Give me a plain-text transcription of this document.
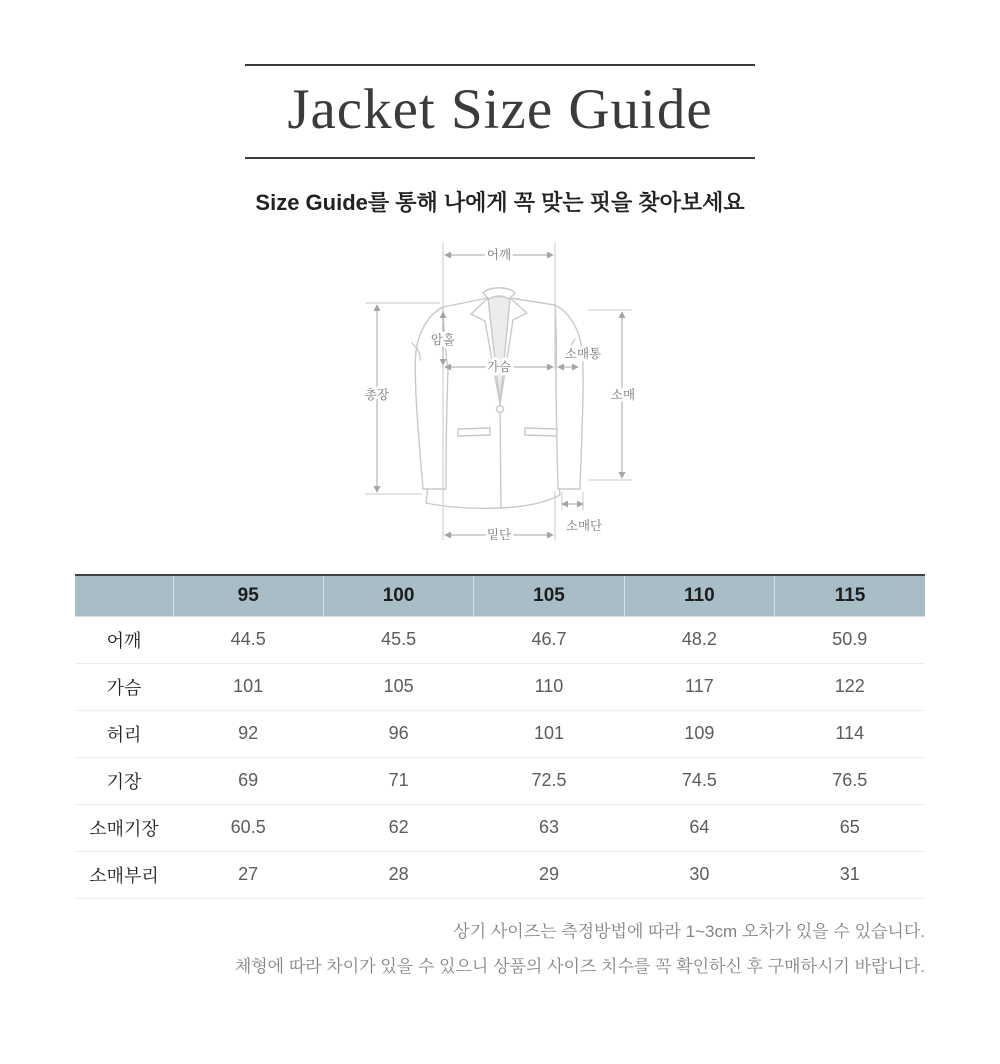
Jacket Size Guide

Size Guide를 통해 나에게 꼭 맞는 핏을 찾아보세요

어깨
암홀
가슴
소매통
소매
총장
밑단
소매단
	95	100	105	110	115
어깨	44.5	45.5	46.7	48.2	50.9
가슴	101	105	110	117	122
허리	92	96	101	109	114
기장	69	71	72.5	74.5	76.5
소매기장	60.5	62	63	64	65
소매부리	27	28	29	30	31

상기 사이즈는 측정방법에 따라 1~3cm 오차가 있을 수 있습니다.

체형에 따라 차이가 있을 수 있으니 상품의 사이즈 치수를 꼭 확인하신 후 구매하시기 바랍니다.
